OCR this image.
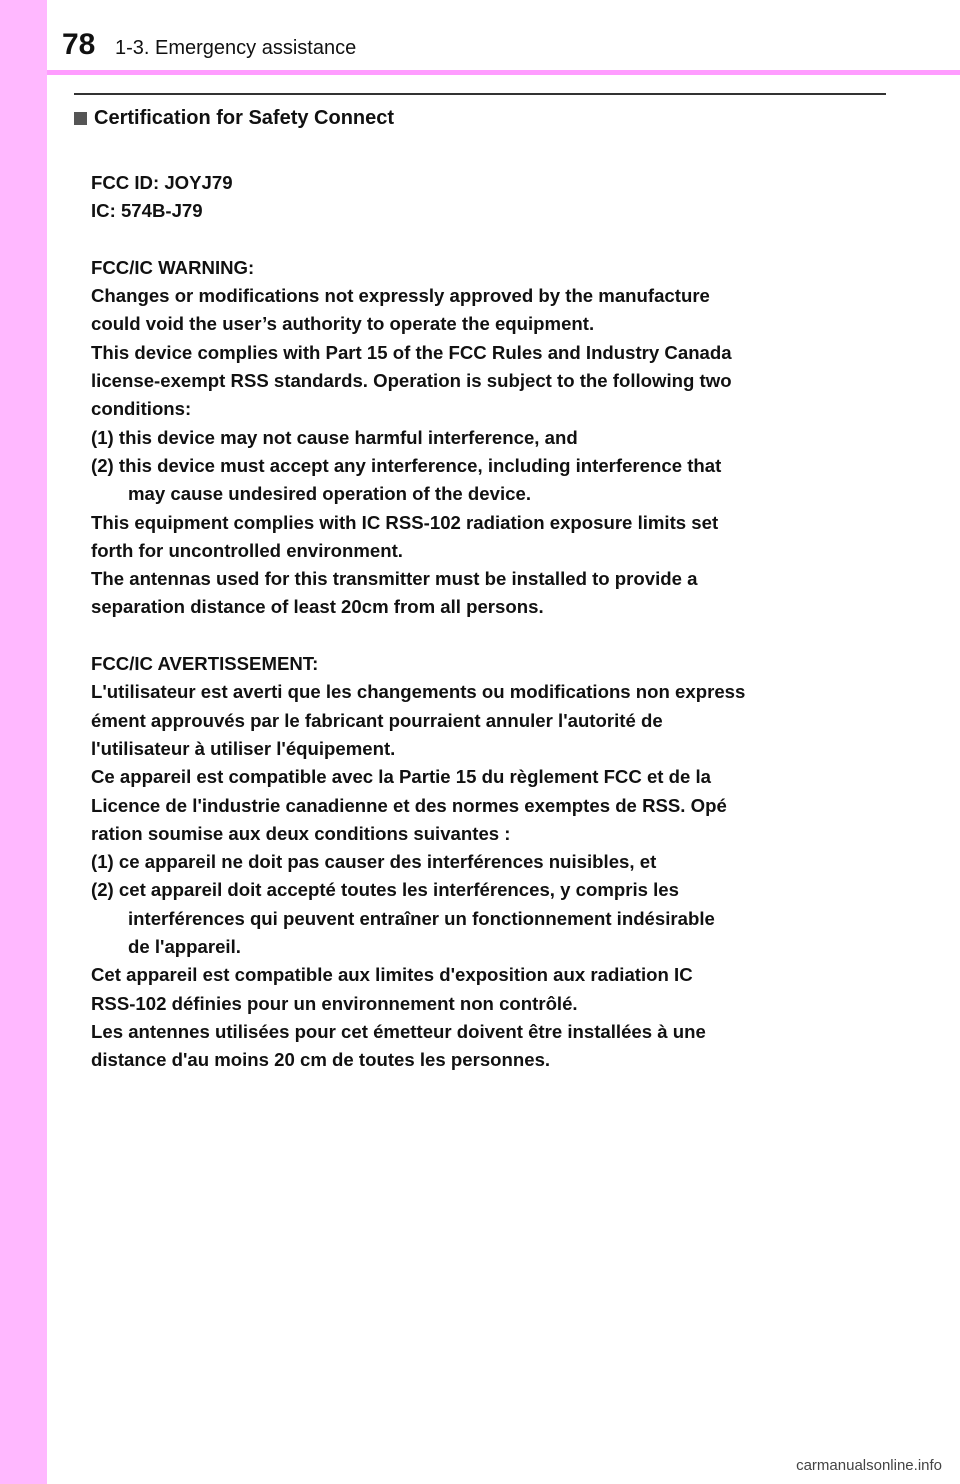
78 1-3. Emergency assistance
Certification for Safety Connect
FCC ID: JOYJ79
IC: 574B-J79
FCC/IC WARNING:
Changes or modifications not expressly approved by the manufacture
could void the user’s authority to operate the equipment.
This device complies with Part 15 of the FCC Rules and Industry Canada
license-exempt RSS standards. Operation is subject to the following two
conditions:
(1) this device may not cause harmful interference, and
(2) this device must accept any interference, including interference that
may cause undesired operation of the device.
This equipment complies with IC RSS-102 radiation exposure limits set
forth for uncontrolled environment.
The antennas used for this transmitter must be installed to provide a
separation distance of least 20cm from all persons.
FCC/IC AVERTISSEMENT:
L'utilisateur est averti que les changements ou modifications non express
ément approuvés par le fabricant pourraient annuler l'autorité de
l'utilisateur à utiliser l'équipement.
Ce appareil est compatible avec la Partie 15 du règlement FCC et de la
Licence de l'industrie canadienne et des normes exemptes de RSS. Opé
ration soumise aux deux conditions suivantes :
(1) ce appareil ne doit pas causer des interférences nuisibles, et
(2) cet appareil doit accepté toutes les interférences, y compris les
interférences qui peuvent entraîner un fonctionnement indésirable
de l'appareil.
Cet appareil est compatible aux limites d'exposition aux radiation IC
RSS-102 définies pour un environnement non contrôlé.
Les antennes utilisées pour cet émetteur doivent être installées à une
distance d'au moins 20 cm de toutes les personnes.
carmanualsonline.info
